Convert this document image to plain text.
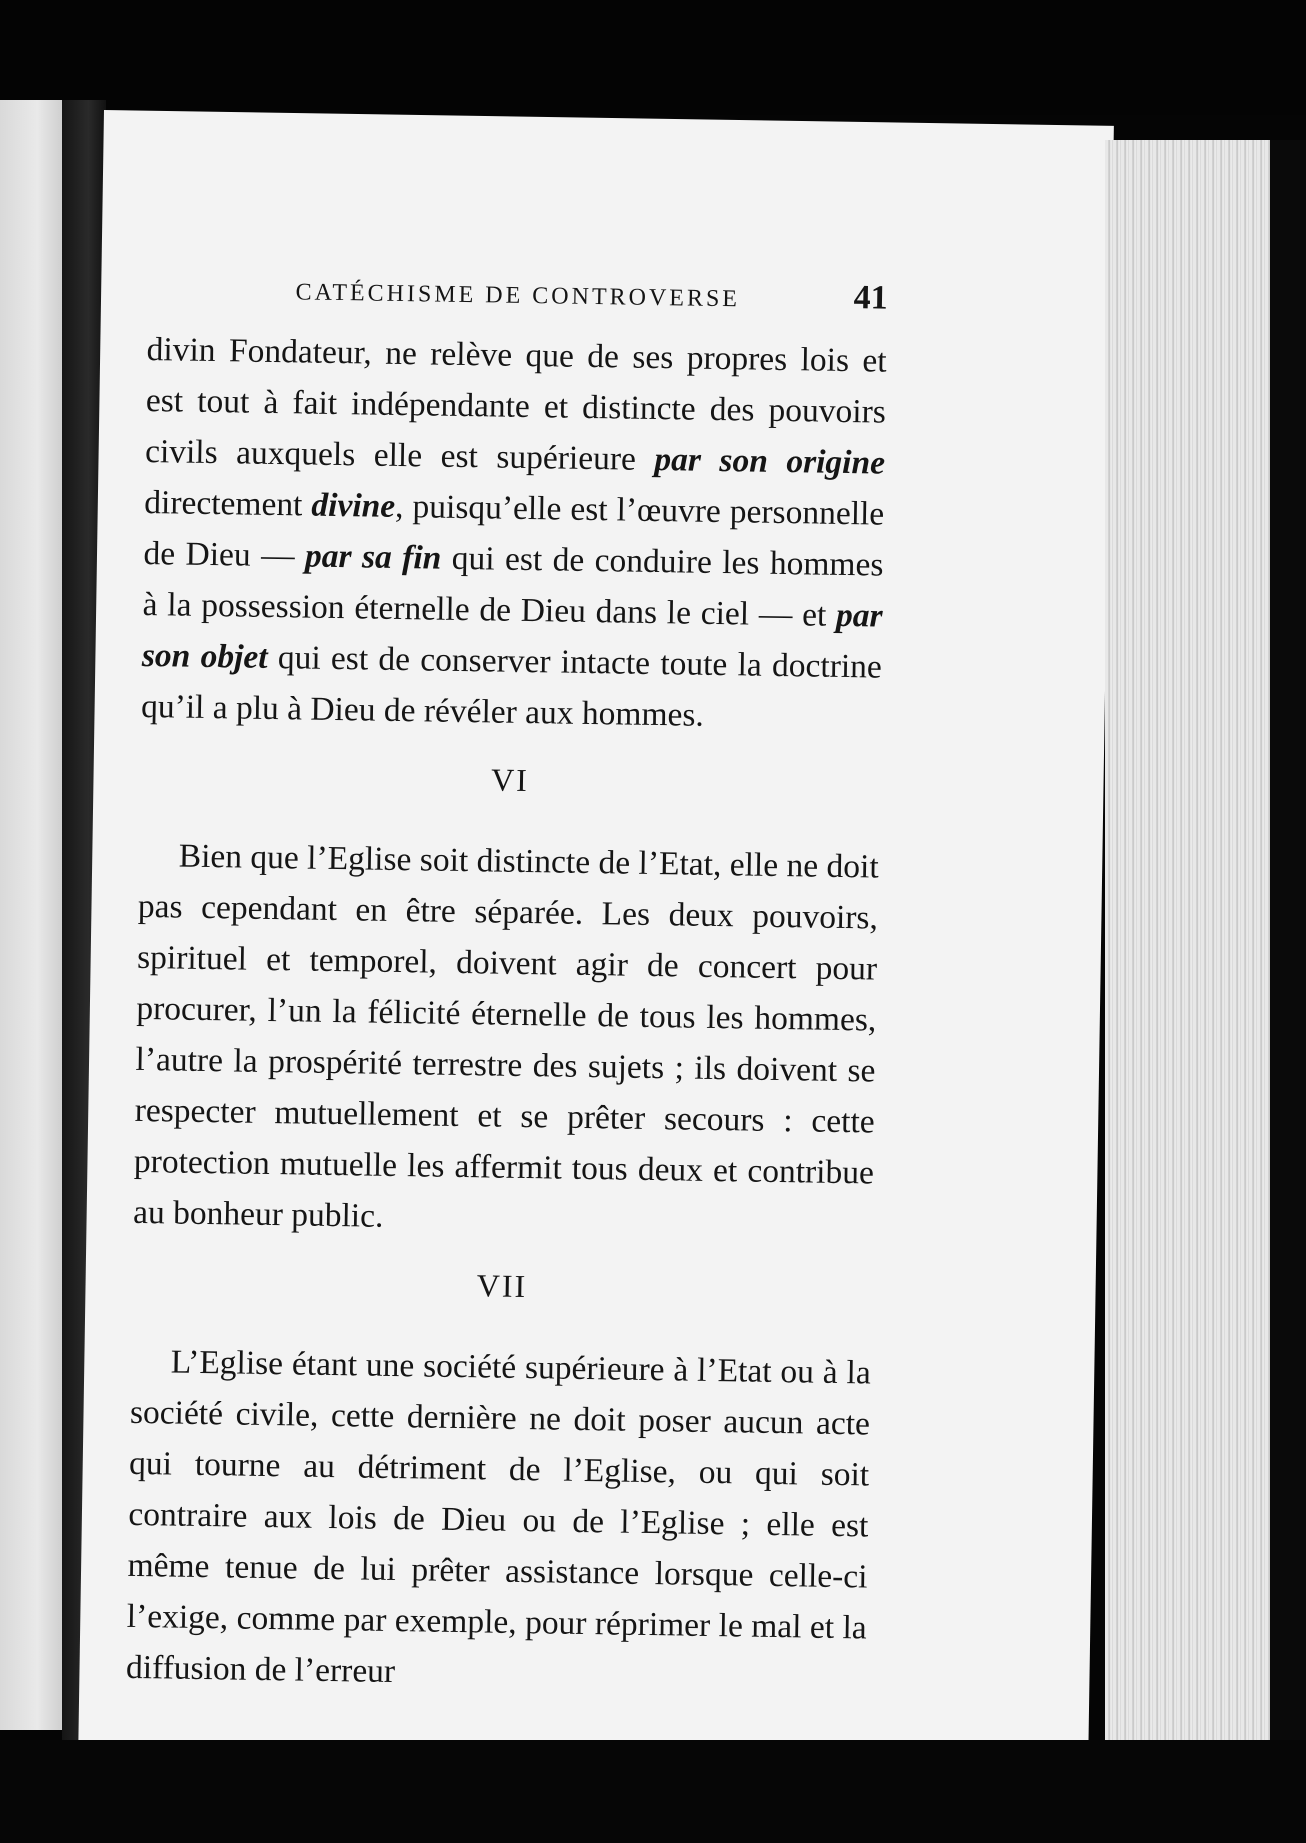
CATÉCHISME DE CONTROVERSE	41

divin Fondateur, ne relève que de ses propres lois et est tout à fait indépendante et distincte des pouvoirs civils auxquels elle est supérieure par son origine directement divine, puisqu’elle est l’œuvre personnelle de Dieu — par sa fin qui est de conduire les hommes à la possession éternelle de Dieu dans le ciel — et par son objet qui est de conserver intacte toute la doctrine qu’il a plu à Dieu de révéler aux hommes.

VI

Bien que l’Eglise soit distincte de l’Etat, elle ne doit pas cependant en être séparée. Les deux pouvoirs, spirituel et temporel, doivent agir de concert pour procurer, l’un la félicité éternelle de tous les hommes, l’autre la prospérité terrestre des sujets ; ils doivent se respecter mutuellement et se prêter secours : cette protection mutuelle les affermit tous deux et contribue au bonheur public.

VII

L’Eglise étant une société supérieure à l’Etat ou à la société civile, cette dernière ne doit poser aucun acte qui tourne au détriment de l’Eglise, ou qui soit contraire aux lois de Dieu ou de l’Eglise ; elle est même tenue de lui prêter assistance lorsque celle-ci l’exige, comme par exemple, pour réprimer le mal et la diffusion de l’erreur
